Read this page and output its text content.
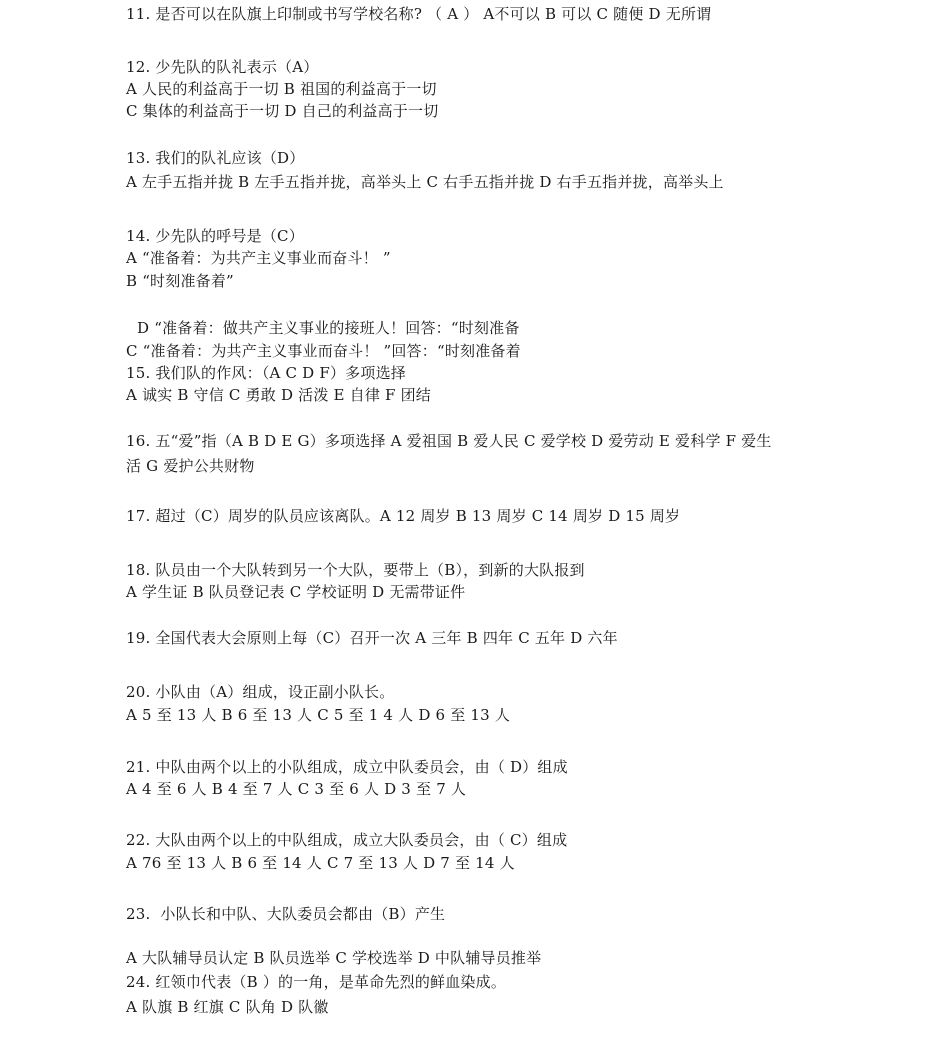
11. 是否可以在队旗上印制或书写学校名称? （ A ） A不可以 B 可以 C 随便 D 无所谓
12. 少先队的队礼表示（A）
A 人民的利益高于一切 B 祖国的利益高于一切
C 集体的利益高于一切 D 自己的利益高于一切
13. 我们的队礼应该（D）
A 左手五指并拢 B 左手五指并拢，高举头上 C 右手五指并拢 D 右手五指并拢，高举头上
14. 少先队的呼号是（C）
A “准备着：为共产主义事业而奋斗！ ”
B “时刻准备着”
D “准备着：做共产主义事业的接班人！回答：“时刻准备
C “准备着：为共产主义事业而奋斗！ ”回答：“时刻准备着
15. 我们队的作风：（A C D F）多项选择
A 诚实 B 守信 C 勇敢 D 活泼 E 自律 F 团结
16. 五“爱”指（A B D E G）多项选择 A 爱祖国 B 爱人民 C 爱学校 D 爱劳动 E 爱科学 F 爱生
活 G 爱护公共财物
17. 超过（C）周岁的队员应该离队。A 12 周岁 B 13 周岁 C 14 周岁 D 15 周岁
18. 队员由一个大队转到另一个大队，要带上（B），到新的大队报到
A 学生证 B 队员登记表 C 学校证明 D 无需带证件
19. 全国代表大会原则上每（C）召开一次 A 三年 B 四年 C 五年 D 六年
20. 小队由（A）组成，设正副小队长。
A 5 至 13 人 B 6 至 13 人 C 5 至 1 4 人 D 6 至 13 人
21. 中队由两个以上的小队组成，成立中队委员会，由（ D）组成
A 4 至 6 人 B 4 至 7 人 C 3 至 6 人 D 3 至 7 人
22. 大队由两个以上的中队组成，成立大队委员会，由（ C）组成
A 76 至 13 人 B 6 至 14 人 C 7 至 13 人 D 7 至 14 人
23.  小队长和中队、大队委员会都由（B）产生
A 大队辅导员认定 B 队员选举 C 学校选举 D 中队辅导员推举
24. 红领巾代表（B ）的一角，是革命先烈的鲜血染成。
A 队旗 B 红旗 C 队角 D 队徽
